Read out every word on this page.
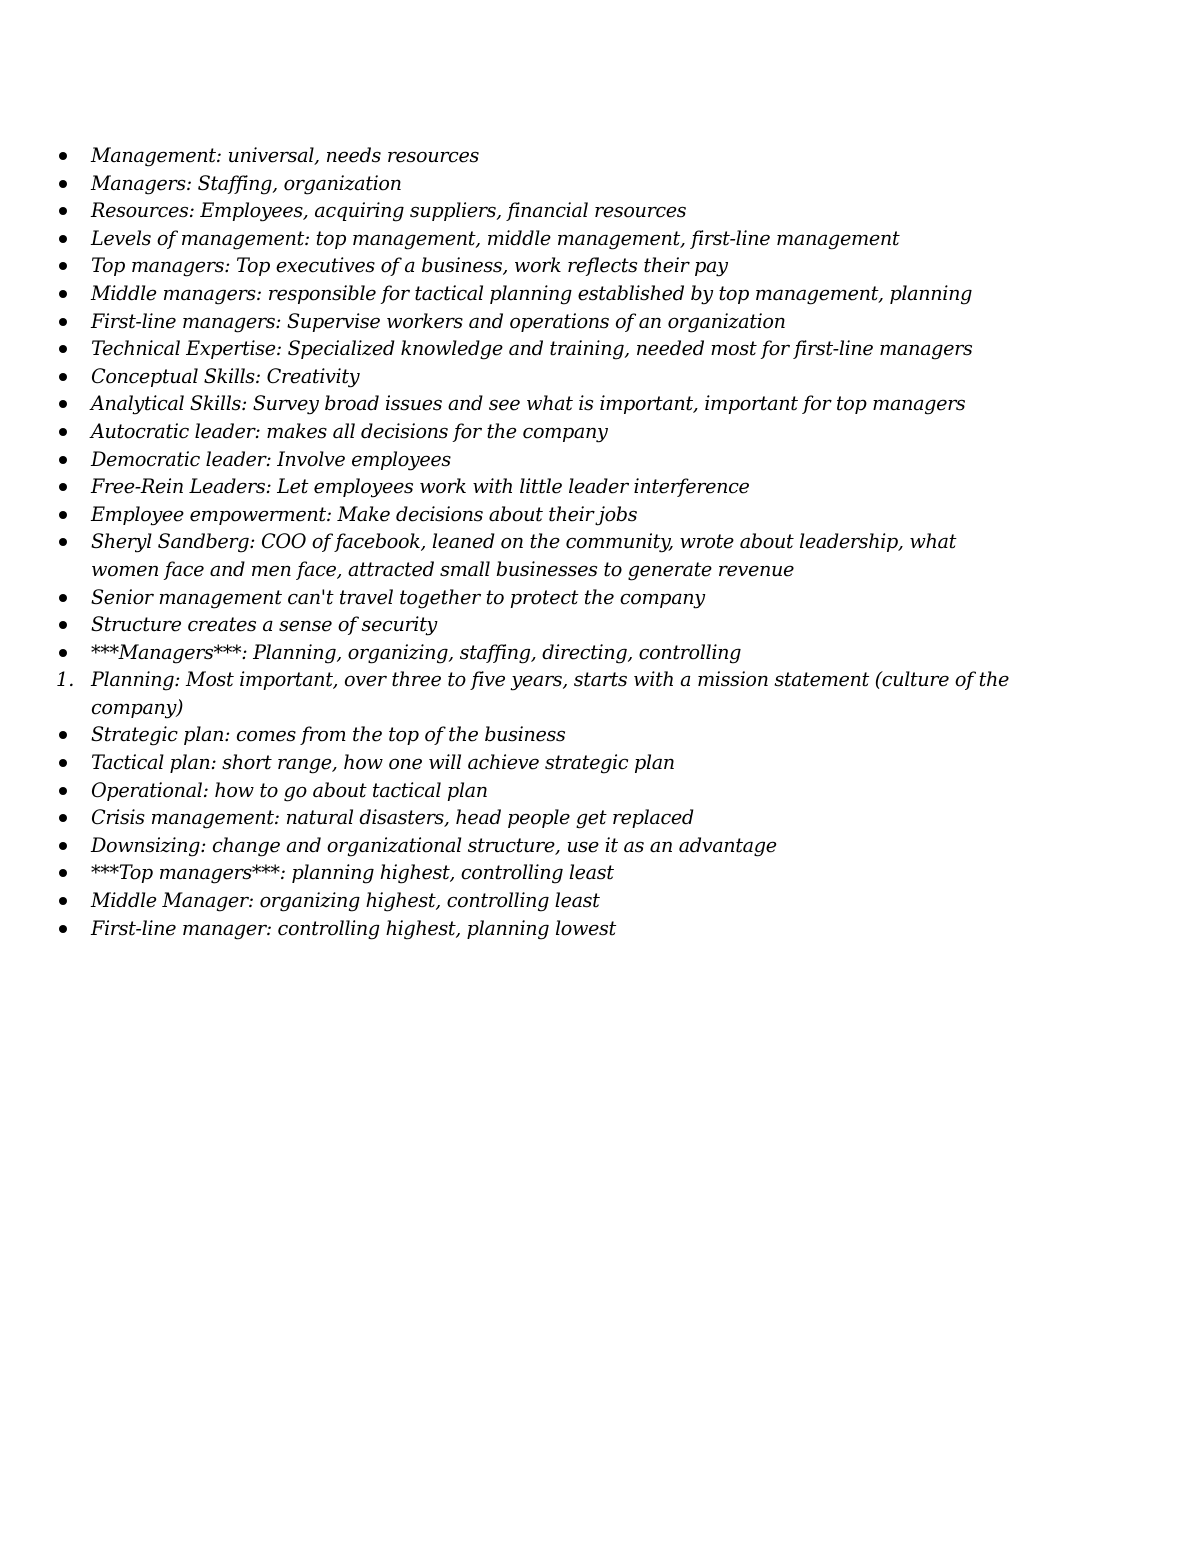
Management: universal, needs resources
Managers: Staffing, organization
Resources: Employees, acquiring suppliers, financial resources
Levels of management: top management, middle management, first-line management
Top managers: Top executives of a business, work reflects their pay
Middle managers: responsible for tactical planning established by top management, planning
First-line managers: Supervise workers and operations of an organization
Technical Expertise: Specialized knowledge and training, needed most for first-line managers
Conceptual Skills: Creativity
Analytical Skills: Survey broad issues and see what is important, important for top managers
Autocratic leader: makes all decisions for the company
Democratic leader: Involve employees
Free-Rein Leaders: Let employees work with little leader interference
Employee empowerment: Make decisions about their jobs
Sheryl Sandberg: COO of facebook, leaned on the community, wrote about leadership, what women face and men face, attracted small businesses to generate revenue
Senior management can't travel together to protect the company
Structure creates a sense of security
***Managers***: Planning, organizing, staffing, directing, controlling
1. Planning: Most important, over three to five years, starts with a mission statement (culture of the company)
Strategic plan: comes from the top of the business
Tactical plan: short range, how one will achieve strategic plan
Operational: how to go about tactical plan
Crisis management: natural disasters, head people get replaced
Downsizing: change and organizational structure, use it as an advantage
***Top managers***: planning highest, controlling least
Middle Manager: organizing highest, controlling least
First-line manager: controlling highest, planning lowest
